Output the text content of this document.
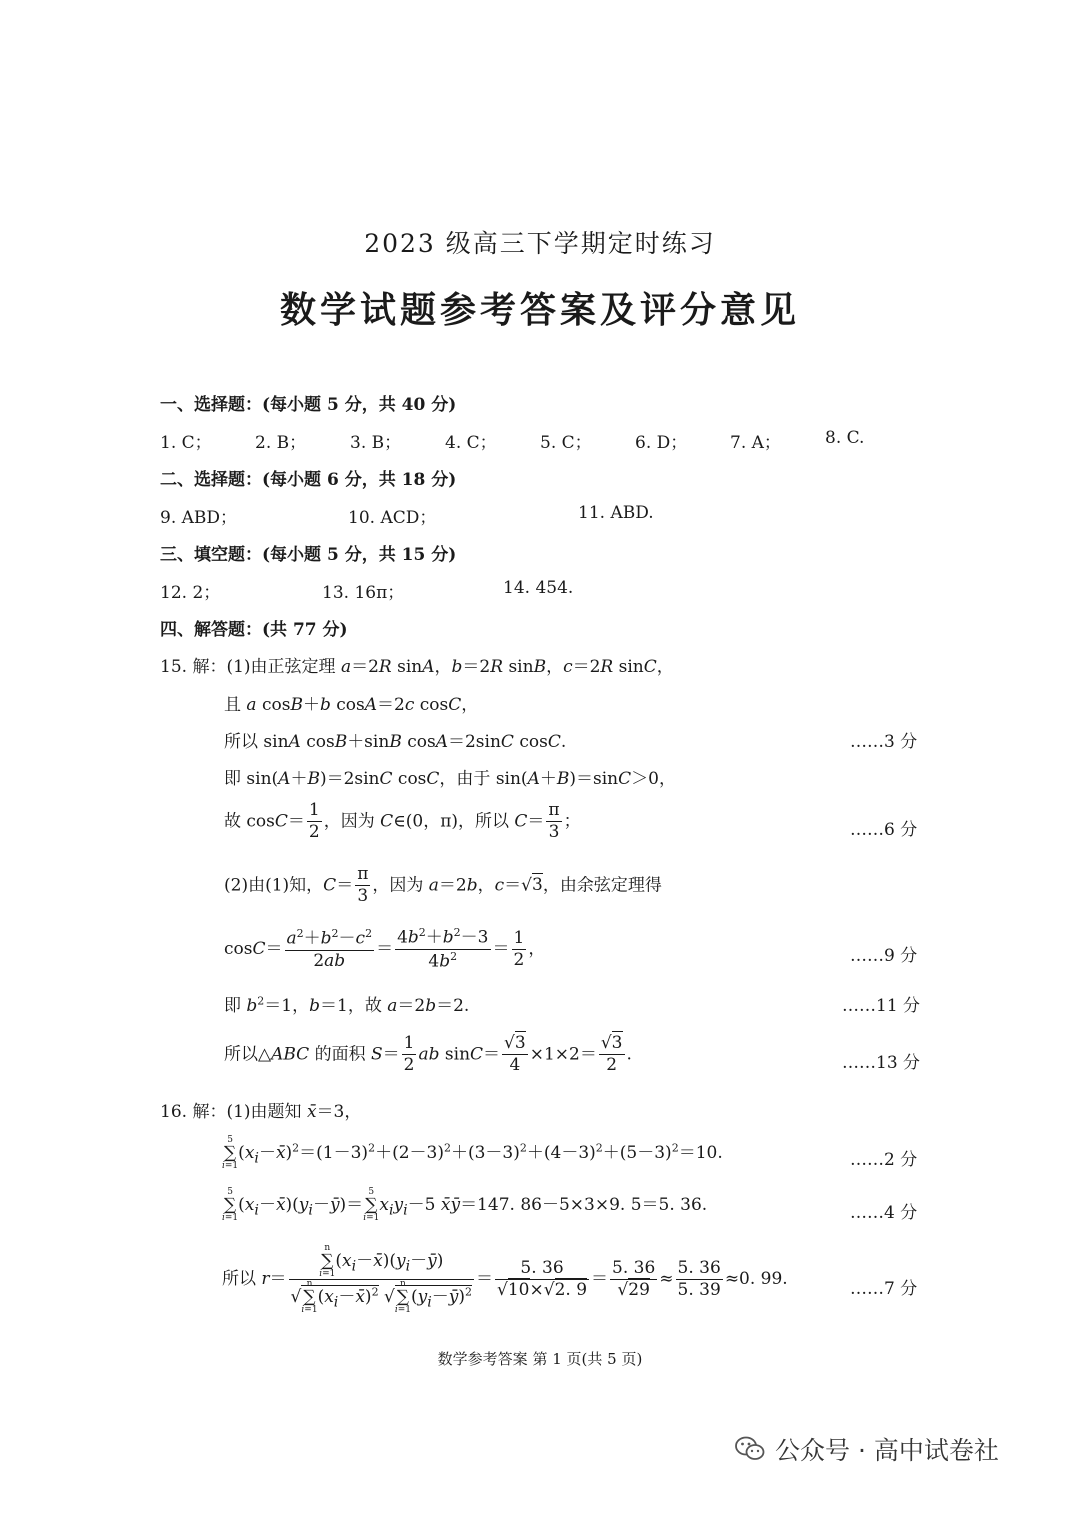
2023 级高三下学期定时练习
数学试题参考答案及评分意见
一、选择题：(每小题 5 分，共 40 分)
1. C；	2. B；	3. B；	4. C；	5. C；	6. D；	7. A；	8. C.
二、选择题：(每小题 6 分，共 18 分)
9. ABD；	10. ACD；	11. ABD.
三、填空题：(每小题 5 分，共 15 分)
12. 2；	13. 16π；	14. 454.
四、解答题：(共 77 分)
15. 解：(1)由正弦定理 a＝2R sinA，b＝2R sinB，c＝2R sinC，
且 a cosB＋b cosA＝2c cosC，
所以 sinA cosB＋sinB cosA＝2sinC cosC.	……3 分
即 sin(A＋B)＝2sinC cosC，由于 sin(A＋B)＝sinC＞0，
故 $\cos C= \frac{1}{2}$ ，因为 C∈(0，π)，所以 $C= \frac{\pi}{3}$ ；	……6 分
(2)由(1)知，$C= \frac{\pi}{3}$ ，因为 a＝2b，c＝√3，由余弦定理得
$\cos C= \frac{a^2+b^2-c^2}{2ab} = \frac{4b^2+b^2-3}{4b^2} = \frac{1}{2}$ ，	……9 分
即 $b^2=1$，b＝1，故 a＝2b＝2.	……11 分
所以△ABC 的面积 $S= \frac{1}{2}$ ab $\sin C= \frac{√3}{4} \times 1\times 2= \frac{√3}{2}$ .	……13 分
16. 解：(1)由题知 x̄＝3，
5
∑
$i=1(x_i-x̄)^2=(1-3)^2+(2-3)^2+(3-3)^2+(4-3)^2+(5-3)^2=10$.	……2 分
5
∑
$i=1(x_i-x̄)(y_i-ȳ)=5$
∑
$i=1x_iy_i-5$ x̄ȳ＝147. 86－5×3×9. 5＝5. 36.	……4 分
所以 r＝ n
∑
$i=1(x_i-x̄)(y_i-ȳ)$
√n
∑
$i=1(x_i-x̄)^2$ √n
∑
$i=1(y_i-ȳ)^2 = \frac{5. 36}{√10\times√2. 9} = \frac{5. 36}{√29} \approx \frac{5. 36}{5. 39} \approx 0$. 99.	……7 分
数学参考答案 第 1 页(共 5 页)
公众号 · 高中试卷社
